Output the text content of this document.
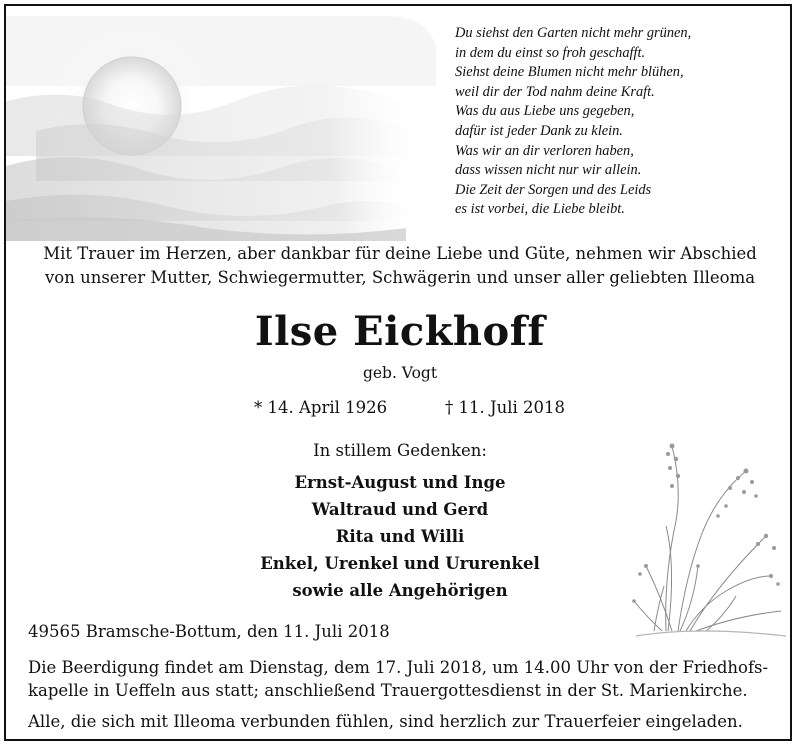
Du siehst den Garten nicht mehr grünen,
in dem du einst so froh geschafft.
Siehst deine Blumen nicht mehr blühen,
weil dir der Tod nahm deine Kraft.
Was du aus Liebe uns gegeben,
dafür ist jeder Dank zu klein.
Was wir an dir verloren haben,
dass wissen nicht nur wir allein.
Die Zeit der Sorgen und des Leids
es ist vorbei, die Liebe bleibt.
Mit Trauer im Herzen, aber dankbar für deine Liebe und Güte, nehmen wir Abschied
von unserer Mutter, Schwiegermutter, Schwägerin und unser aller geliebten Illeoma
Ilse Eickhoff
geb. Vogt
* 14. April 1926	† 11. Juli 2018
In stillem Gedenken:
Ernst-August und Inge
Waltraud und Gerd
Rita und Willi
Enkel, Urenkel und Ururenkel
sowie alle Angehörigen
49565 Bramsche-Bottum, den 11. Juli 2018
Die Beerdigung findet am Dienstag, dem 17. Juli 2018, um 14.00 Uhr von der Friedhofs-
kapelle in Ueffeln aus statt; anschließend Trauergottesdienst in der St. Marienkirche.
Alle, die sich mit Illeoma verbunden fühlen, sind herzlich zur Trauerfeier eingeladen.
